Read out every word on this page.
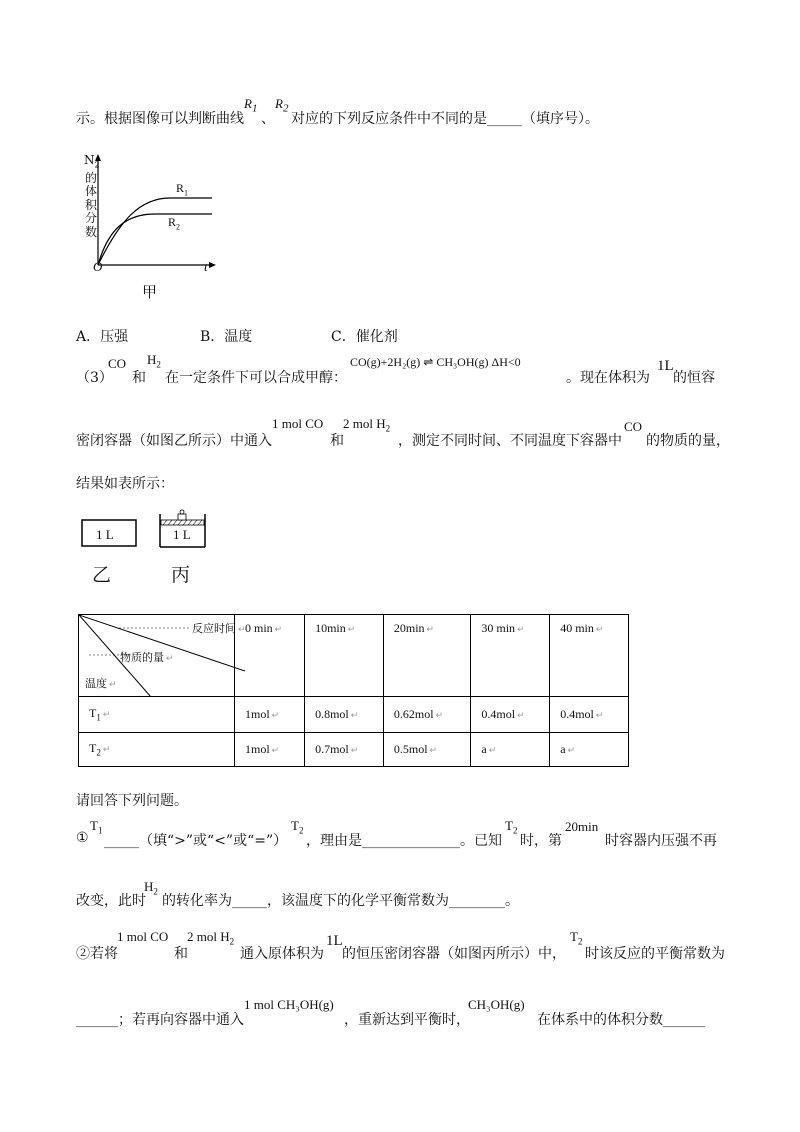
示。根据图像可以判断曲线
$R_1$
、
$R_2$
对应的下列反应条件中不同的是_____（填序号）。
$N_2$
的
体
积
分
数
O	t
$R_1$
$R_2$
甲
A．压强	B．温度	C．催化剂
（3）
CO
和
$H_2$
在一定条件下可以合成甲醇：
CO(g)+2H₂(g) ⇌ CH₃OH(g) ΔH<0
。现在体积为
1L
的恒容
密闭容器（如图乙所示）中通入
1 mol CO
和
2 mol $H_2$
，测定不同时间、不同温度下容器中
CO
的物质的量，
结果如表所示：
1 L	1 L
乙	丙
反应时间 ↵
物质的量 ↵
温度 ↵	0 min ↵	10min ↵	20min ↵	30 min ↵	40 min ↵
$T_1$ ↵	1mol ↵	0.8mol ↵	0.62mol ↵	0.4mol ↵	0.4mol ↵
$T_2$ ↵	1mol ↵	0.7mol ↵	0.5mol ↵	a ↵	a ↵
请回答下列问题。
①
$T_1$
_____（填“>”或“<”或“=”）
$T_2$
，理由是______________。已知
$T_2$
时，第
20min
时容器内压强不再
改变，此时
$H_2$
的转化率为_____，该温度下的化学平衡常数为________。
②若将
1 mol CO
和
2 mol $H_2$
通入原体积为
1L
的恒压密闭容器（如图丙所示）中，
$T_2$
时该反应的平衡常数为
______；若再向容器中通入
1 mol CH₃OH(g)
，重新达到平衡时，
CH₃OH(g)
在体系中的体积分数______
